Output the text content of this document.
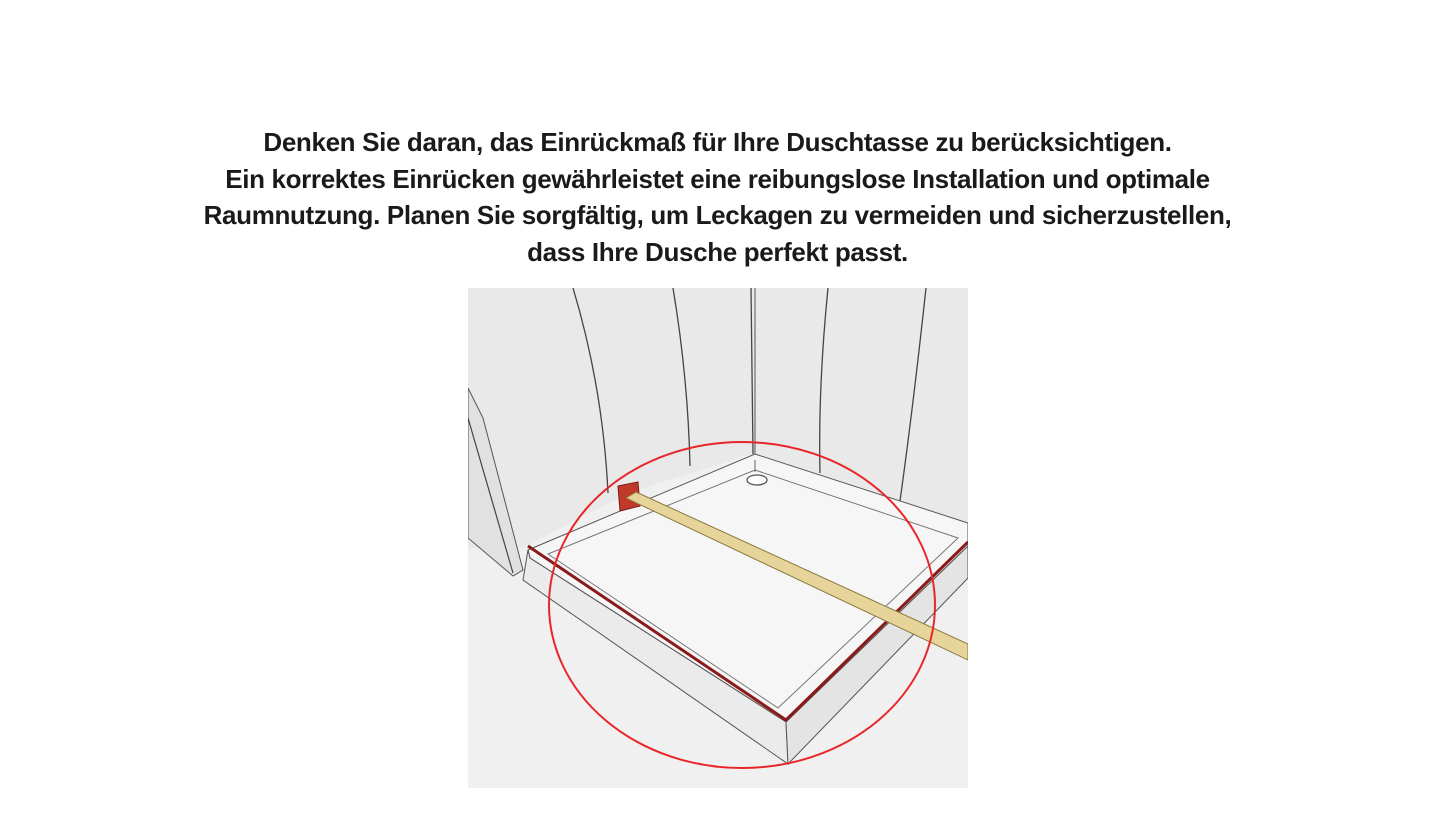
Denken Sie daran, das Einrückmaß für Ihre Duschtasse zu berücksichtigen.
Ein korrektes Einrücken gewährleistet eine reibungslose Installation und optimale
Raumnutzung. Planen Sie sorgfältig, um Leckagen zu vermeiden und sicherzustellen,
dass Ihre Dusche perfekt passt.
